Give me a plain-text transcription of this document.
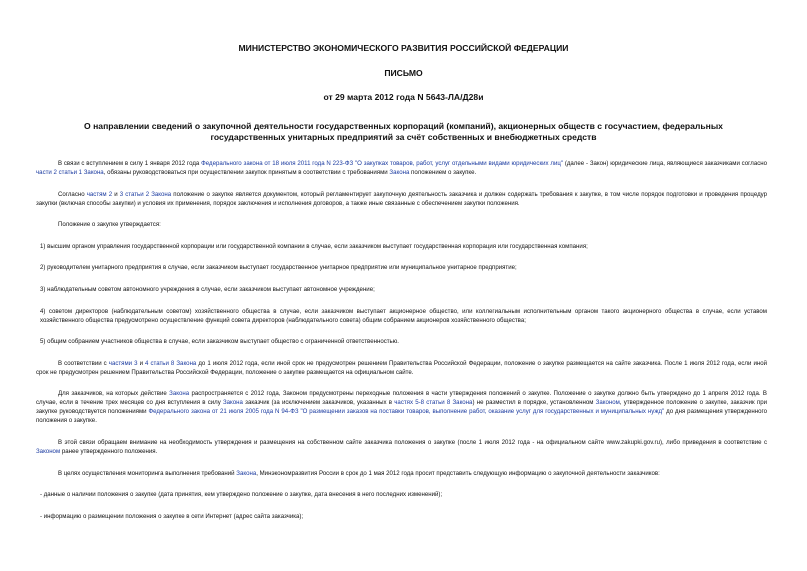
МИНИСТЕРСТВО ЭКОНОМИЧЕСКОГО РАЗВИТИЯ РОССИЙСКОЙ ФЕДЕРАЦИИ
ПИСЬМО
от 29 марта 2012 года N 5643-ЛА/Д28и
О направлении сведений о закупочной деятельности государственных корпораций (компаний), акционерных обществ с госучастием, федеральных государственных унитарных предприятий за счёт собственных и внебюджетных средств

В связи с вступлением в силу 1 января 2012 года Федерального закона от 18 июля 2011 года N 223-ФЗ "О закупках товаров, работ, услуг отдельными видами юридических лиц" (далее - Закон) юридические лица, являющиеся заказчиками согласно части 2 статьи 1 Закона, обязаны руководствоваться при осуществлении закупок принятым в соответствии с требованиями Закона положением о закупке.

Согласно частям 2 и 3 статьи 2 Закона положение о закупке является документом, который регламентирует закупочную деятельность заказчика и должен содержать требования к закупке, в том числе порядок подготовки и проведения процедур закупки (включая способы закупки) и условия их применения, порядок заключения и исполнения договоров, а также иные связанные с обеспечением закупки положения.

Положение о закупке утверждается:

1) высшим органом управления государственной корпорации или государственной компании в случае, если заказчиком выступает государственная корпорация или государственная компания;

2) руководителем унитарного предприятия в случае, если заказчиком выступает государственное унитарное предприятие или муниципальное унитарное предприятие;

3) наблюдательным советом автономного учреждения в случае, если заказчиком выступает автономное учреждение;

4) советом директоров (наблюдательным советом) хозяйственного общества в случае, если заказчиком выступает акционерное общество, или коллегиальным исполнительным органом такого акционерного общества в случае, если уставом хозяйственного общества предусмотрено осуществление функций совета директоров (наблюдательного совета) общим собранием акционеров хозяйственного общества;

5) общим собранием участников общества в случае, если заказчиком выступает общество с ограниченной ответственностью.

В соответствии с частями 3 и 4 статьи 8 Закона до 1 июля 2012 года, если иной срок не предусмотрен решением Правительства Российской Федерации, положение о закупке размещается на сайте заказчика. После 1 июля 2012 года, если иной срок не предусмотрен решением Правительства Российской Федерации, положение о закупке размещается на официальном сайте.

Для заказчиков, на которых действие Закона распространяется с 2012 года, Законом предусмотрены переходные положения в части утверждения положений о закупке. Положение о закупке должно быть утверждено до 1 апреля 2012 года. В случае, если в течение трех месяцев со дня вступления в силу Закона заказчик (за исключением заказчиков, указанных в частях 5-8 статьи 8 Закона) не разместил в порядке, установленном Законом, утвержденное положение о закупке, заказчик при закупке руководствуется положениями Федерального закона от 21 июля 2005 года N 94-ФЗ "О размещении заказов на поставки товаров, выполнение работ, оказание услуг для государственных и муниципальных нужд" до дня размещения утвержденного положения о закупке.

В этой связи обращаем внимание на необходимость утверждения и размещения на собственном сайте заказчика положения о закупке (после 1 июля 2012 года - на официальном сайте www.zakupki.gov.ru), либо приведения в соответствие с Законом ранее утвержденного положения.

В целях осуществления мониторинга выполнения требований Закона, Минэкономразвития России в срок до 1 мая 2012 года просит представить следующую информацию о закупочной деятельности заказчиков:

- данные о наличии положения о закупке (дата принятия, кем утверждено положение о закупке, дата внесения в него последних изменений);

- информацию о размещении положения о закупке в сети Интернет (адрес сайта заказчика);
